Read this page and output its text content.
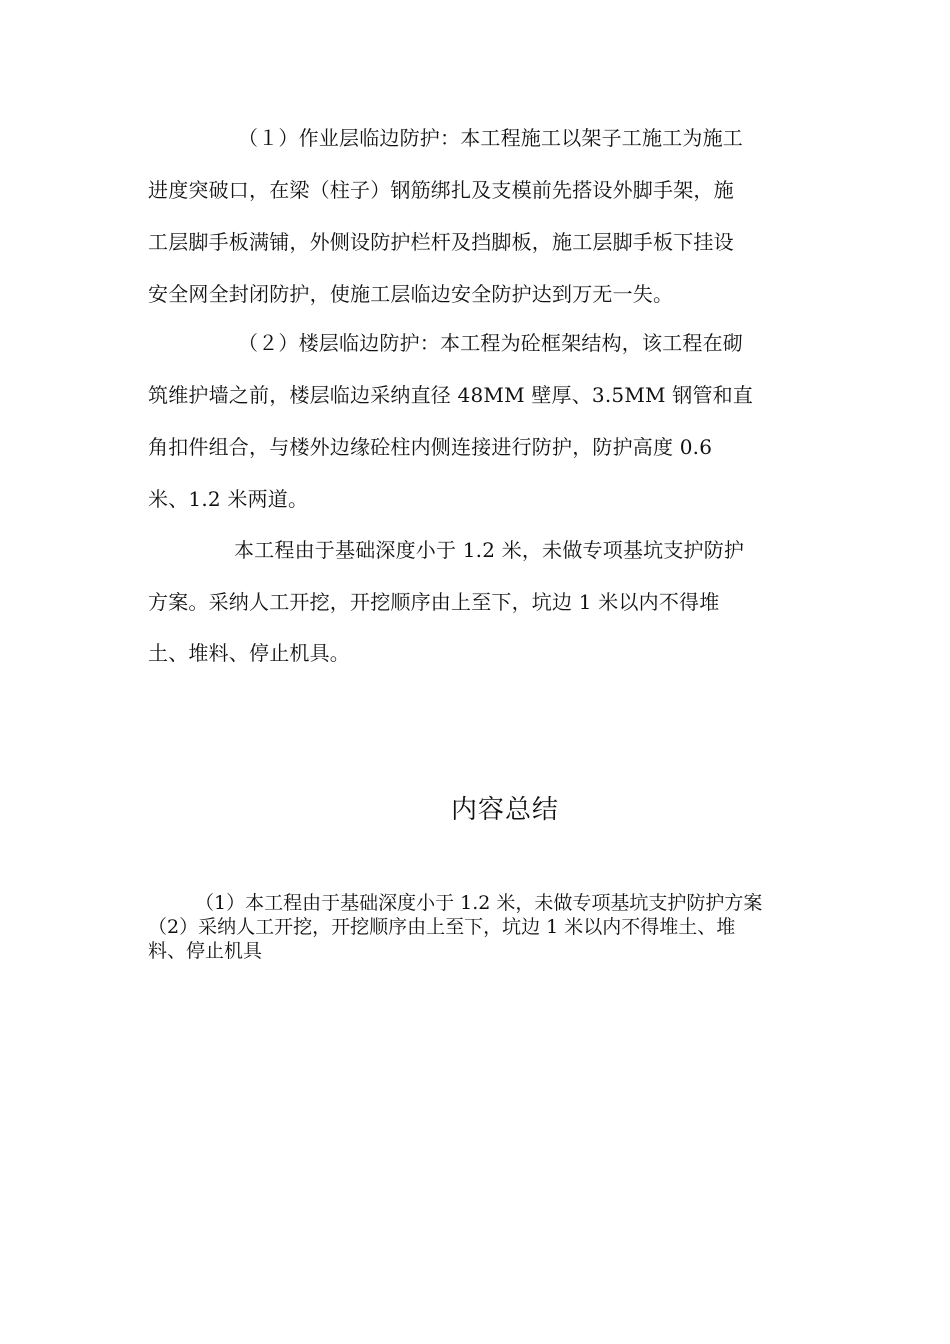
（１）作业层临边防护：本工程施工以架子工施工为施工
进度突破口，在梁（柱子）钢筋绑扎及支模前先搭设外脚手架，施
工层脚手板满铺，外侧设防护栏杆及挡脚板，施工层脚手板下挂设
安全网全封闭防护，使施工层临边安全防护达到万无一失。
（２）楼层临边防护：本工程为砼框架结构，该工程在砌
筑维护墙之前，楼层临边采纳直径 48MM 壁厚、3.5MM 钢管和直
角扣件组合，与楼外边缘砼柱内侧连接进行防护，防护高度 0.6
米、1.2 米两道。
本工程由于基础深度小于 1.2 米，未做专项基坑支护防护
方案。采纳人工开挖，开挖顺序由上至下，坑边 1 米以内不得堆
土、堆料、停止机具。
内容总结
（1）本工程由于基础深度小于 1.2 米，未做专项基坑支护防护方案
（2）采纳人工开挖，开挖顺序由上至下，坑边 1 米以内不得堆土、堆
料、停止机具
